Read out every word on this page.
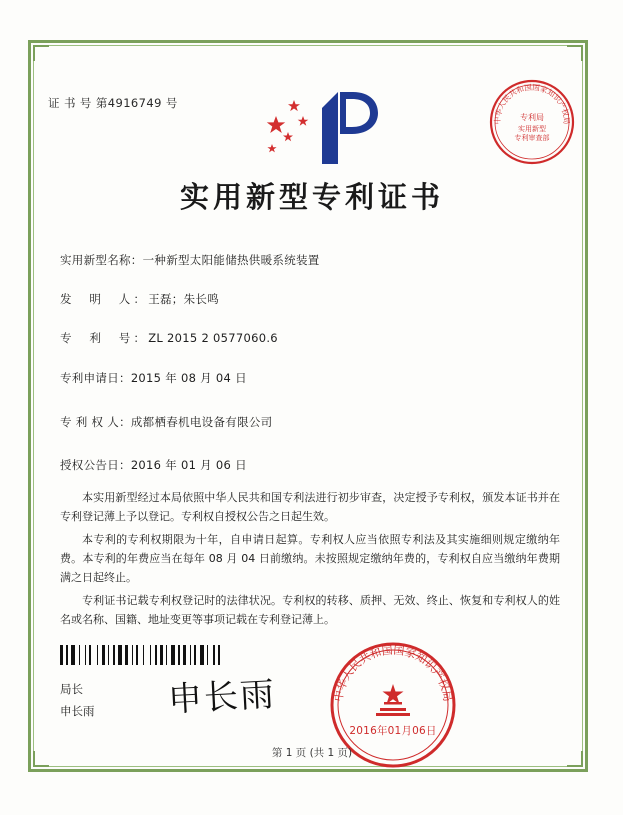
证 书 号 第4916749 号
中华人民共和国国家知识产权局
专利局
实用新型
专利审查部
实用新型专利证书
实用新型名称：一种新型太阳能储热供暖系统装置
发　明　人：王磊；朱长鸣
专　利　号：ZL 2015 2 0577060.6
专利申请日：2015 年 08 月 04 日
专 利 权 人：成都栖春机电设备有限公司
授权公告日：2016 年 01 月 06 日
本实用新型经过本局依照中华人民共和国专利法进行初步审查，决定授予专利权，颁发本证书并在专利登记薄上予以登记。专利权自授权公告之日起生效。
本专利的专利权期限为十年，自申请日起算。专利权人应当依照专利法及其实施细则规定缴纳年费。本专利的年费应当在每年 08 月 04 日前缴纳。未按照规定缴纳年费的，专利权自应当缴纳年费期满之日起终止。
专利证书记载专利权登记时的法律状况。专利权的转移、质押、无效、终止、恢复和专利权人的姓名或名称、国籍、地址变更等事项记载在专利登记薄上。
局长
申长雨 申长雨	中华人民共和国国家知识产权局
2016年01月06日
第 1 页 (共 1 页)
